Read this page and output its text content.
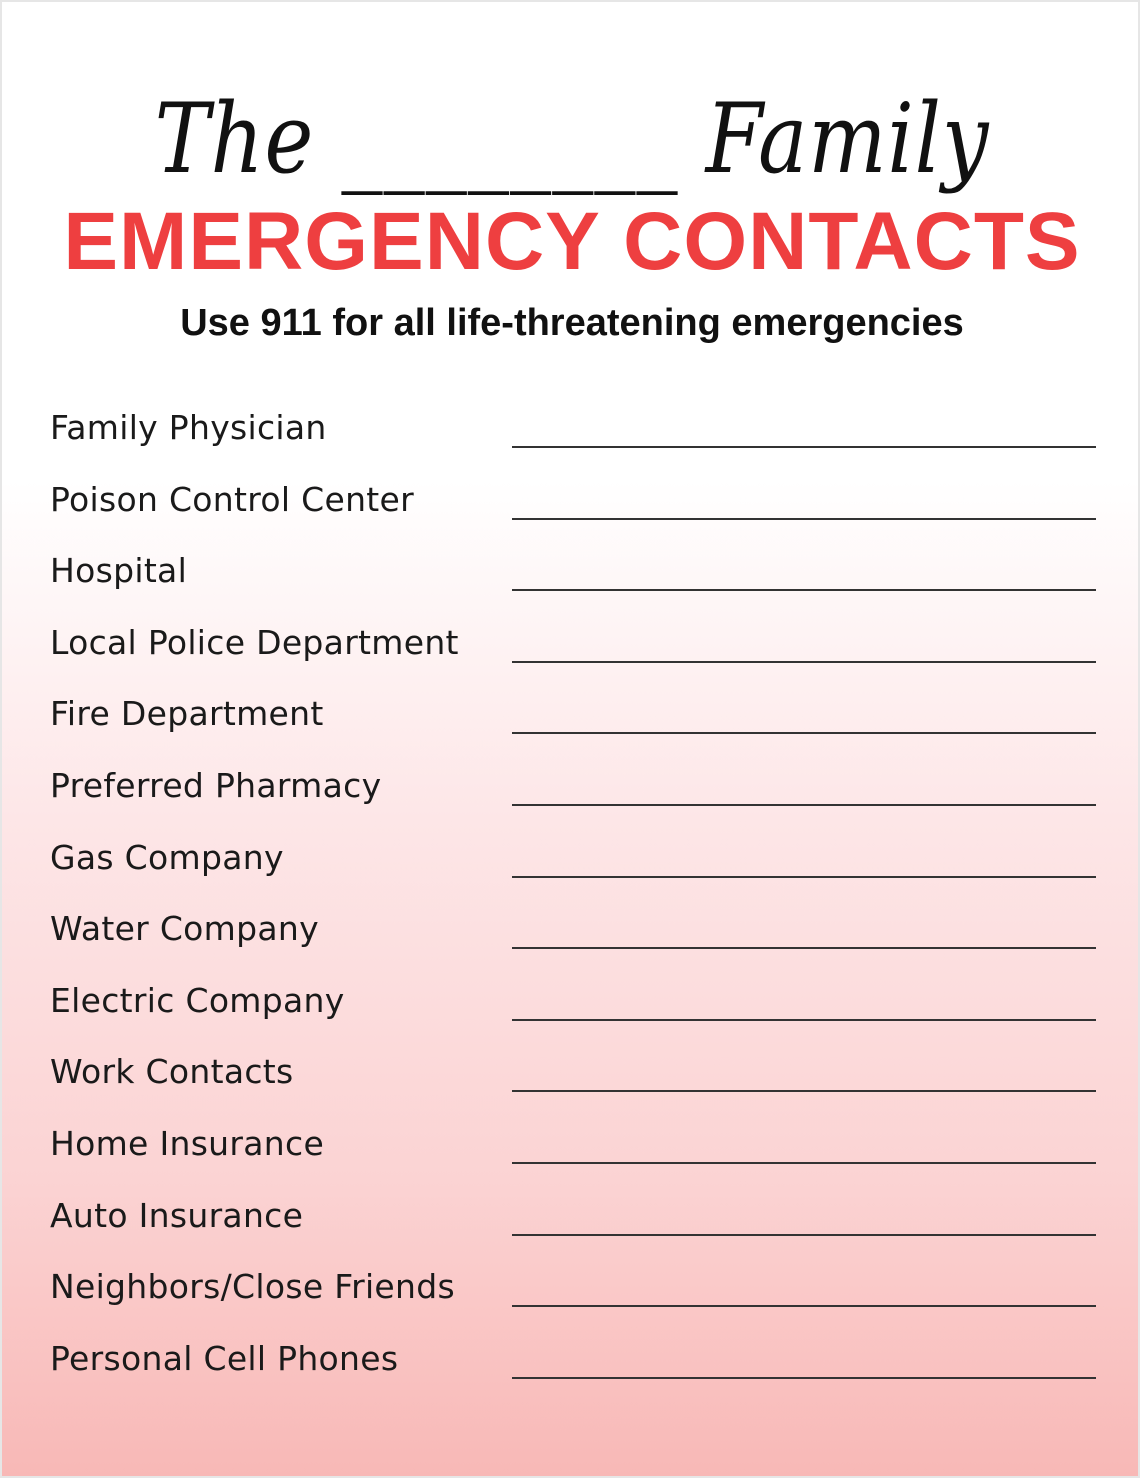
The ________ Family
EMERGENCY CONTACTS
Use 911 for all life-threatening emergencies
Family Physician
Poison Control Center
Hospital
Local Police Department
Fire Department
Preferred Pharmacy
Gas Company
Water Company
Electric Company
Work Contacts
Home Insurance
Auto Insurance
Neighbors/Close Friends
Personal Cell Phones
